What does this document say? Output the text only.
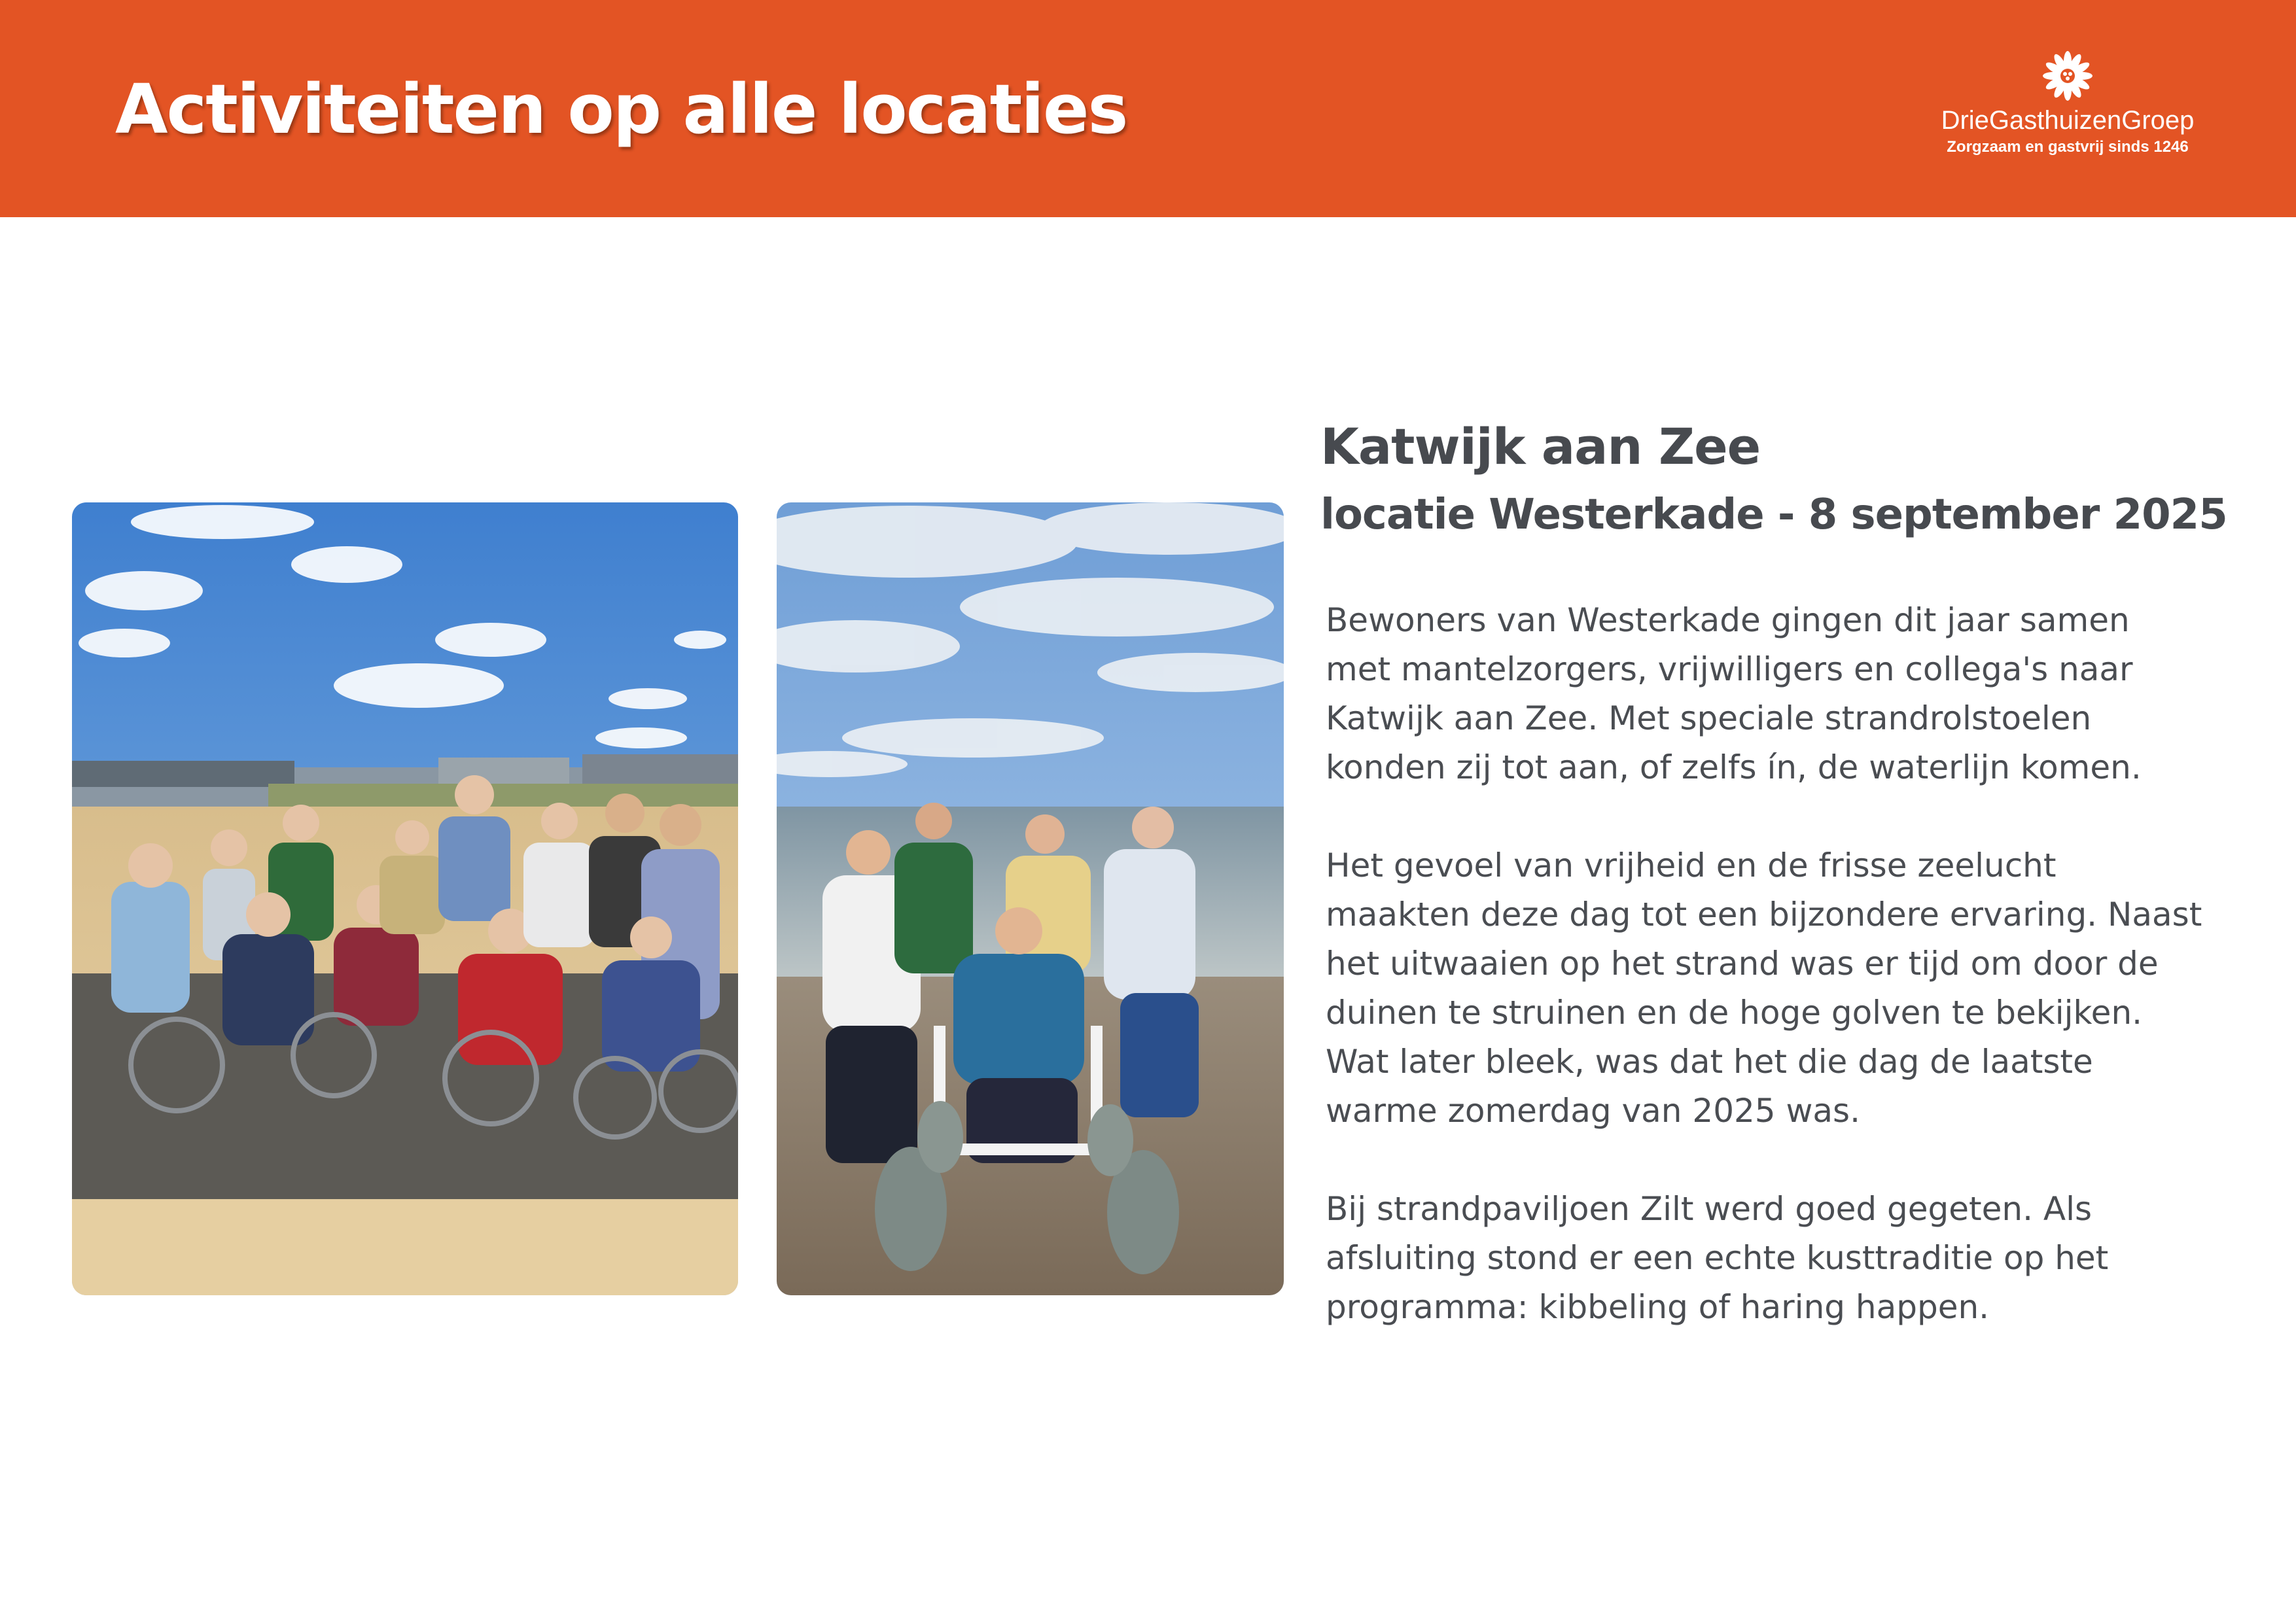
Activiteiten op alle locaties	DrieGasthuizenGroep
Zorgzaam en gastvrij sinds 1246
Katwijk aan Zee
locatie Westerkade - 8 september 2025

Bewoners van Westerkade gingen dit jaar samen
met mantelzorgers, vrijwilligers en collega's naar
Katwijk aan Zee. Met speciale strandrolstoelen
konden zij tot aan, of zelfs ín, de waterlijn komen.

Het gevoel van vrijheid en de frisse zeelucht
maakten deze dag tot een bijzondere ervaring. Naast
het uitwaaien op het strand was er tijd om door de
duinen te struinen en de hoge golven te bekijken.
Wat later bleek, was dat het die dag de laatste
warme zomerdag van 2025 was.

Bij strandpaviljoen Zilt werd goed gegeten. Als
afsluiting stond er een echte kusttraditie op het
programma: kibbeling of haring happen.
